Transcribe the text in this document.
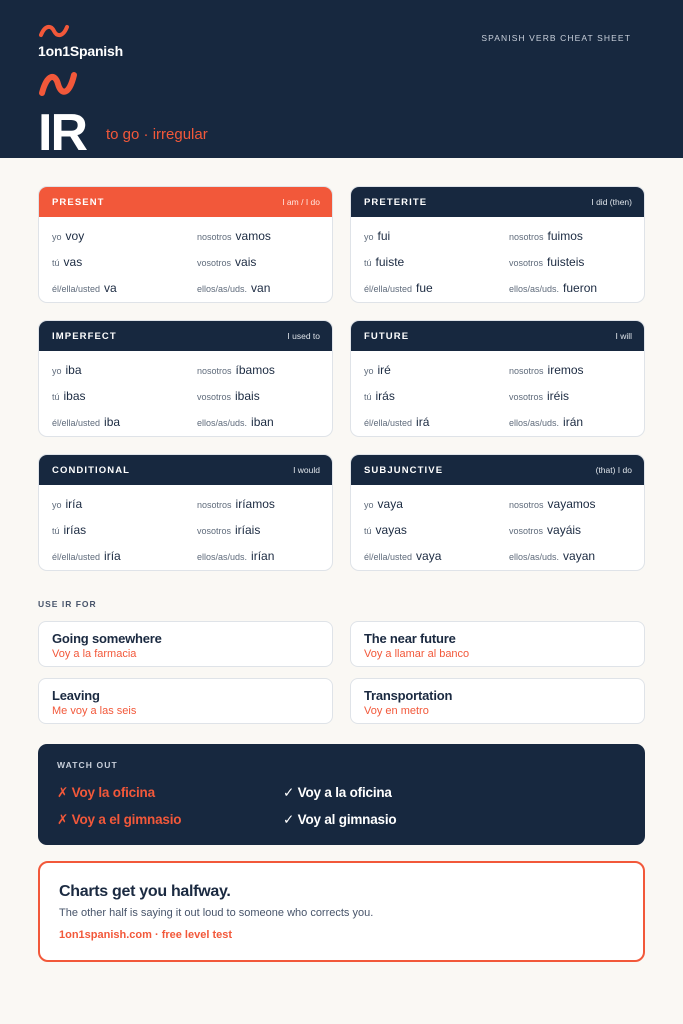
1on1Spanish
IR to go · irregular
SPANISH VERB CHEAT SHEET
PRESENT	I am / I do
yo voy	nosotros vamos
tú vas	vosotros vais
él/ella/usted va	ellos/as/uds. van
PRETERITE	I did (then)
yo fui	nosotros fuimos
tú fuiste	vosotros fuisteis
él/ella/usted fue	ellos/as/uds. fueron
IMPERFECT	I used to
yo iba	nosotros íbamos
tú ibas	vosotros ibais
él/ella/usted iba	ellos/as/uds. iban
FUTURE	I will
yo iré	nosotros iremos
tú irás	vosotros iréis
él/ella/usted irá	ellos/as/uds. irán
CONDITIONAL	I would
yo iría	nosotros iríamos
tú irías	vosotros iríais
él/ella/usted iría	ellos/as/uds. irían
SUBJUNCTIVE	(that) I do
yo vaya	nosotros vayamos
tú vayas	vosotros vayáis
él/ella/usted vaya	ellos/as/uds. vayan
USE IR FOR
Going somewhere
Voy a la farmacia
The near future
Voy a llamar al banco
Leaving
Me voy a las seis
Transportation
Voy en metro
WATCH OUT
✗ Voy la oficina
✗ Voy a el gimnasio
✓ Voy a la oficina
✓ Voy al gimnasio
Charts get you halfway.
The other half is saying it out loud to someone who corrects you.
1on1spanish.com · free level test
